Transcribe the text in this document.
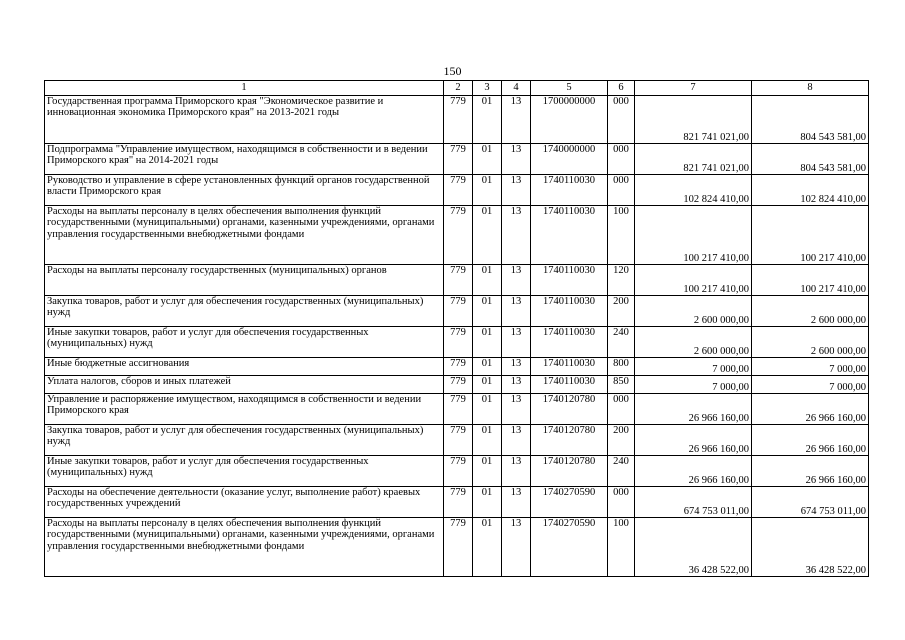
150
1	2	3	4	5	6	7	8
Государственная программа Приморского края "Экономическое развитие и инновационная экономика Приморского края" на 2013-2021 годы	779	01	13	1700000000	000	821 741 021,00	804 543 581,00
Подпрограмма "Управление имуществом, находящимся в собственности и в ведении Приморского края" на 2014-2021 годы	779	01	13	1740000000	000	821 741 021,00	804 543 581,00
Руководство и управление в сфере установленных функций органов государственной власти Приморского края	779	01	13	1740110030	000	102 824 410,00	102 824 410,00
Расходы на выплаты персоналу в целях обеспечения выполнения функций государственными (муниципальными) органами, казенными учреждениями, органами управления государственными внебюджетными фондами	779	01	13	1740110030	100	100 217 410,00	100 217 410,00
Расходы на выплаты персоналу государственных (муниципальных) органов	779	01	13	1740110030	120	100 217 410,00	100 217 410,00
Закупка товаров, работ и услуг для обеспечения государственных (муниципальных) нужд	779	01	13	1740110030	200	2 600 000,00	2 600 000,00
Иные закупки товаров, работ и услуг для обеспечения государственных (муниципальных) нужд	779	01	13	1740110030	240	2 600 000,00	2 600 000,00
Иные бюджетные ассигнования	779	01	13	1740110030	800	7 000,00	7 000,00
Уплата налогов, сборов и иных платежей	779	01	13	1740110030	850	7 000,00	7 000,00
Управление и распоряжение имуществом, находящимся в собственности и ведении Приморского края	779	01	13	1740120780	000	26 966 160,00	26 966 160,00
Закупка товаров, работ и услуг для обеспечения государственных (муниципальных) нужд	779	01	13	1740120780	200	26 966 160,00	26 966 160,00
Иные закупки товаров, работ и услуг для обеспечения государственных (муниципальных) нужд	779	01	13	1740120780	240	26 966 160,00	26 966 160,00
Расходы на обеспечение деятельности (оказание услуг, выполнение работ) краевых государственных учреждений	779	01	13	1740270590	000	674 753 011,00	674 753 011,00
Расходы на выплаты персоналу в целях обеспечения выполнения функций государственными (муниципальными) органами, казенными учреждениями, органами управления государственными внебюджетными фондами	779	01	13	1740270590	100	36 428 522,00	36 428 522,00
